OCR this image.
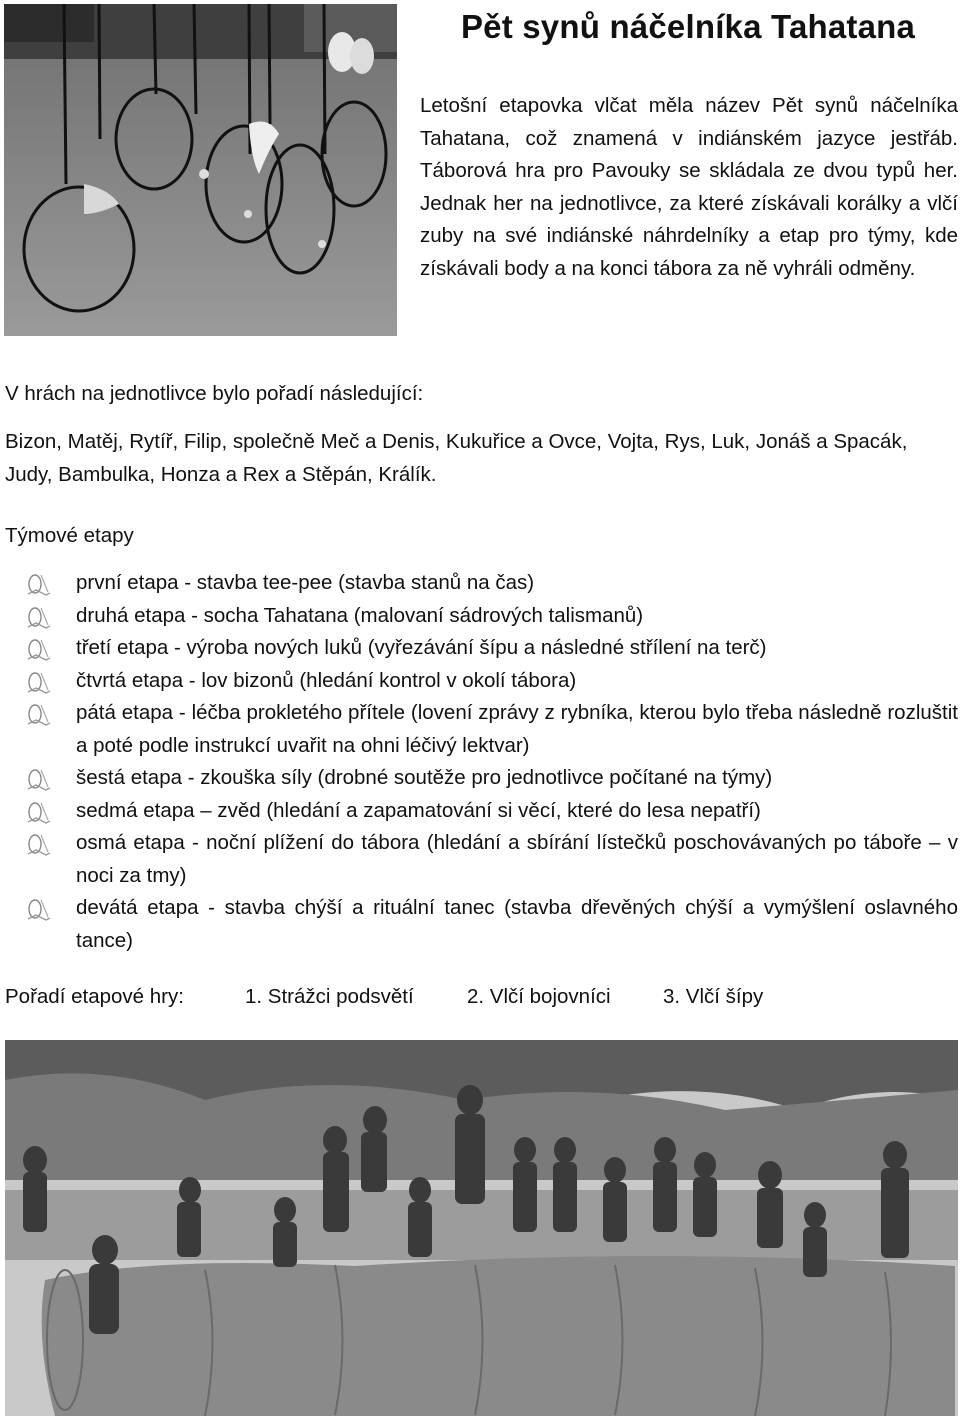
Pět synů náčelníka Tahatana
Letošní etapovka vlčat měla název Pět synů náčelníka Tahatana, což znamená v indiánském jazyce jestřáb. Táborová hra pro Pavouky se skládala ze dvou typů her. Jednak her na jednotlivce, za které získávali korálky a vlčí zuby na své indiánské náhrdelníky a etap pro týmy, kde získávali body a na konci tábora za ně vyhráli odměny.
V hrách na jednotlivce bylo pořadí následující:
Bizon, Matěj, Rytíř, Filip, společně Meč a Denis, Kukuřice a Ovce, Vojta, Rys, Luk, Jonáš a Spacák, Judy, Bambulka, Honza a Rex a Stěpán, Králík.
Týmové etapy
první etapa - stavba tee-pee (stavba stanů na čas)
druhá etapa - socha Tahatana (malovaní sádrových talismanů)
třetí etapa - výroba nových luků (vyřezávání šípu a následné střílení na terč)
čtvrtá etapa - lov bizonů (hledání kontrol v okolí tábora)
pátá etapa - léčba prokletého přítele (lovení zprávy z rybníka, kterou bylo třeba následně rozluštit a poté podle instrukcí uvařit na ohni léčivý lektvar)
šestá etapa - zkouška síly (drobné soutěže pro jednotlivce počítané na týmy)
sedmá etapa – zvěd (hledání a zapamatování si věcí, které do lesa nepatří)
osmá etapa - noční plížení do tábora (hledání a sbírání lístečků poschovávaných po táboře – v noci za tmy)
devátá etapa - stavba chýší a rituální tanec (stavba dřevěných chýší a vymýšlení oslavného tance)
Pořadí etapové hry:	1. Strážci podsvětí	2. Vlčí bojovníci	3. Vlčí šípy
